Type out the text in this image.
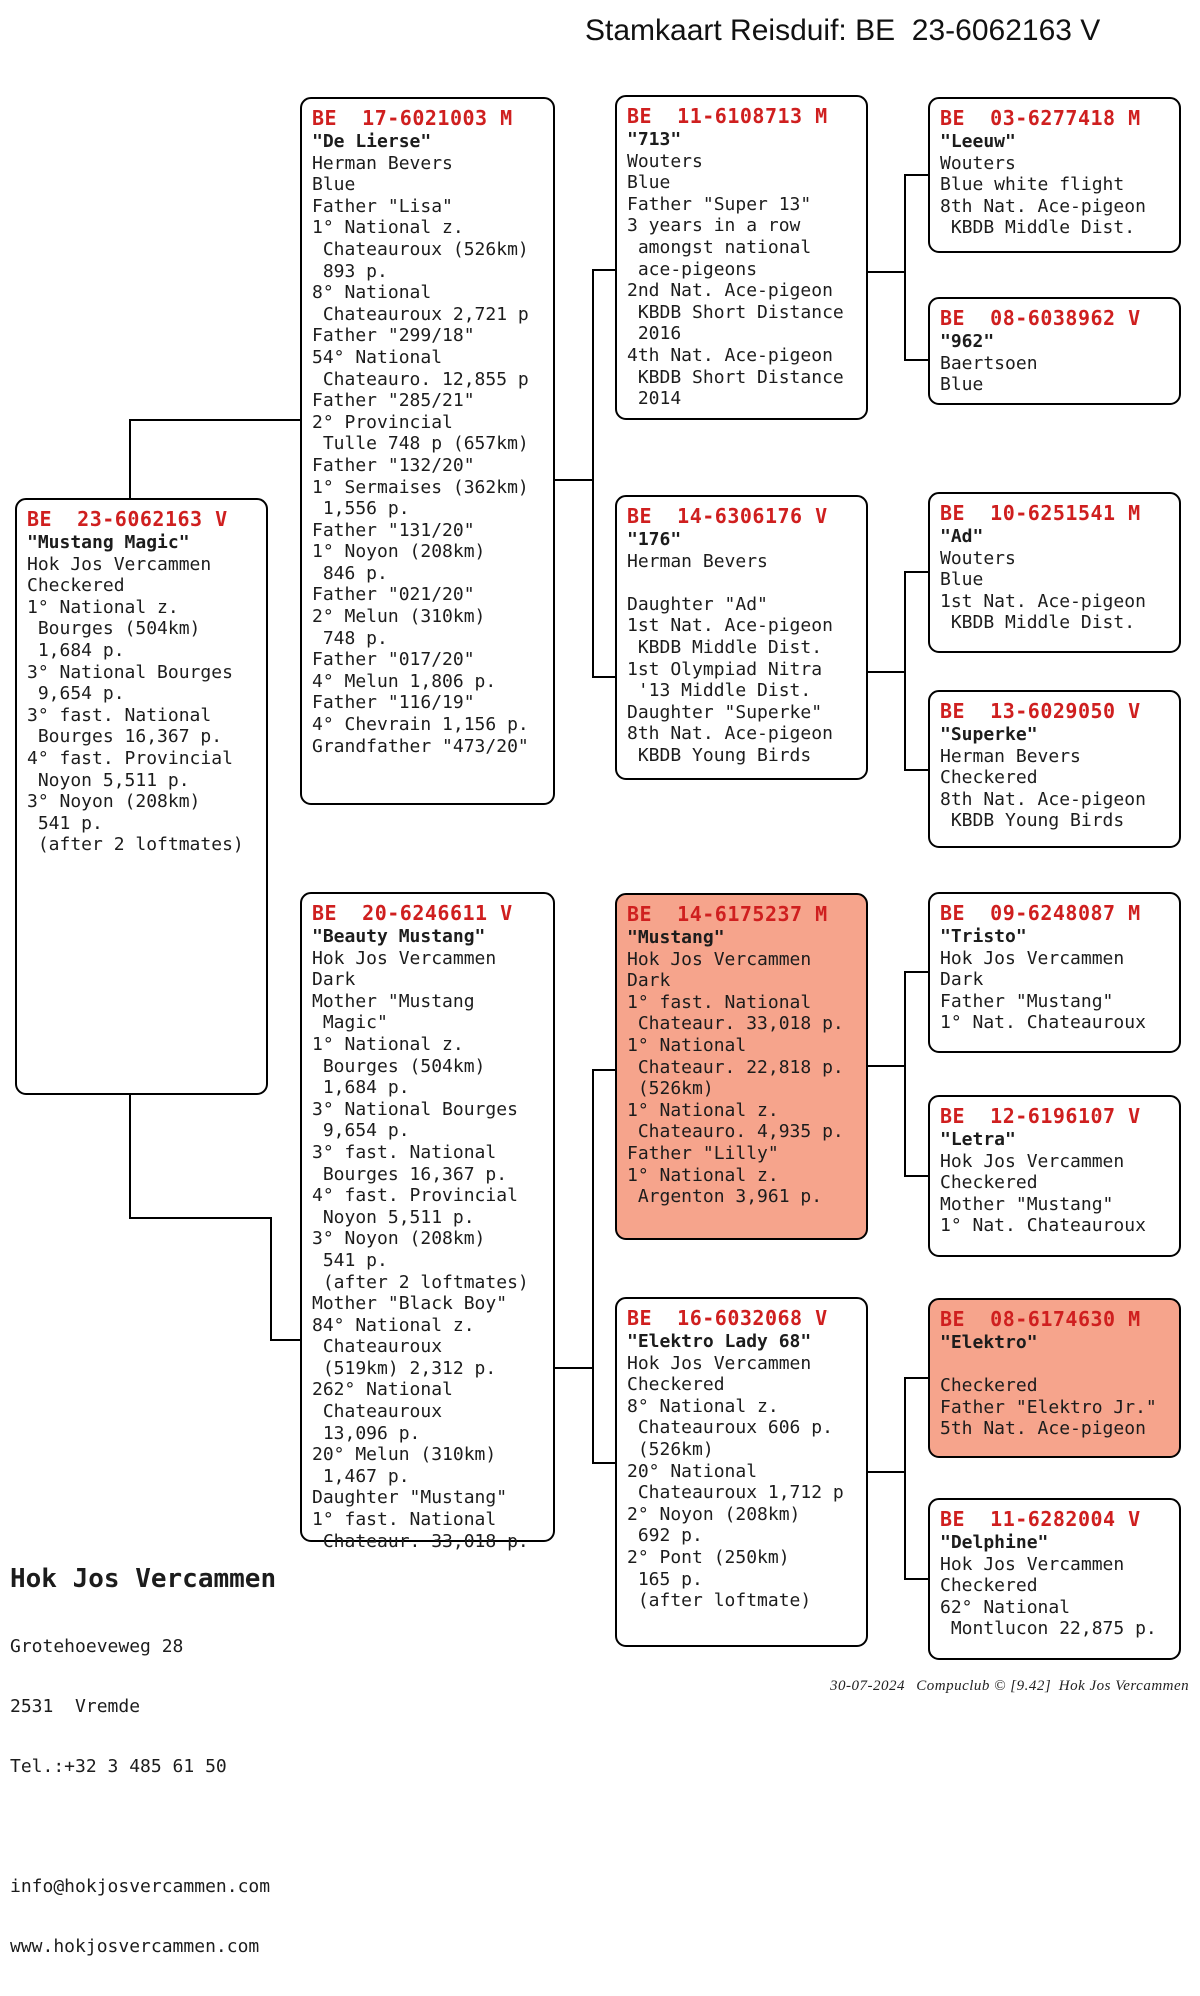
Stamkaart Reisduif: BE  23-6062163 V
BE  23-6062163 V
"Mustang Magic"
Hok Jos Vercammen
Checkered
1° National z.
Bourges (504km)
1,684 p.
3° National Bourges
9,654 p.
3° fast. National
Bourges 16,367 p.
4° fast. Provincial
Noyon 5,511 p.
3° Noyon (208km)
541 p.
(after 2 loftmates)
BE  17-6021003 M
"De Lierse"
Herman Bevers
Blue
Father "Lisa"
1° National z.
Chateauroux (526km)
893 p.
8° National
Chateauroux 2,721 p
Father "299/18"
54° National
Chateauro. 12,855 p
Father "285/21"
2° Provincial
Tulle 748 p (657km)
Father "132/20"
1° Sermaises (362km)
1,556 p.
Father "131/20"
1° Noyon (208km)
846 p.
Father "021/20"
2° Melun (310km)
748 p.
Father "017/20"
4° Melun 1,806 p.
Father "116/19"
4° Chevrain 1,156 p.
Grandfather "473/20"
BE  20-6246611 V
"Beauty Mustang"
Hok Jos Vercammen
Dark
Mother "Mustang
Magic"
1° National z.
Bourges (504km)
1,684 p.
3° National Bourges
9,654 p.
3° fast. National
Bourges 16,367 p.
4° fast. Provincial
Noyon 5,511 p.
3° Noyon (208km)
541 p.
(after 2 loftmates)
Mother "Black Boy"
84° National z.
Chateauroux
(519km) 2,312 p.
262° National
Chateauroux
13,096 p.
20° Melun (310km)
1,467 p.
Daughter "Mustang"
1° fast. National
Chateaur. 33,018 p.
BE  11-6108713 M
"713"
Wouters
Blue
Father "Super 13"
3 years in a row
amongst national
ace-pigeons
2nd Nat. Ace-pigeon
KBDB Short Distance
2016
4th Nat. Ace-pigeon
KBDB Short Distance
2014
BE  14-6306176 V
"176"
Herman Bevers
Daughter "Ad"
1st Nat. Ace-pigeon
KBDB Middle Dist.
1st Olympiad Nitra
'13 Middle Dist.
Daughter "Superke"
8th Nat. Ace-pigeon
KBDB Young Birds
BE  14-6175237 M
"Mustang"
Hok Jos Vercammen
Dark
1° fast. National
Chateaur. 33,018 p.
1° National
Chateaur. 22,818 p.
(526km)
1° National z.
Chateauro. 4,935 p.
Father "Lilly"
1° National z.
Argenton 3,961 p.
BE  16-6032068 V
"Elektro Lady 68"
Hok Jos Vercammen
Checkered
8° National z.
Chateauroux 606 p.
(526km)
20° National
Chateauroux 1,712 p
2° Noyon (208km)
692 p.
2° Pont (250km)
165 p.
(after loftmate)
BE  03-6277418 M
"Leeuw"
Wouters
Blue white flight
8th Nat. Ace-pigeon
KBDB Middle Dist.
BE  08-6038962 V
"962"
Baertsoen
Blue
BE  10-6251541 M
"Ad"
Wouters
Blue
1st Nat. Ace-pigeon
KBDB Middle Dist.
BE  13-6029050 V
"Superke"
Herman Bevers
Checkered
8th Nat. Ace-pigeon
KBDB Young Birds
BE  09-6248087 M
"Tristo"
Hok Jos Vercammen
Dark
Father "Mustang"
1° Nat. Chateauroux
BE  12-6196107 V
"Letra"
Hok Jos Vercammen
Checkered
Mother "Mustang"
1° Nat. Chateauroux
BE  08-6174630 M
"Elektro"
Checkered
Father "Elektro Jr."
5th Nat. Ace-pigeon
BE  11-6282004 V
"Delphine"
Hok Jos Vercammen
Checkered
62° National
Montlucon 22,875 p.

Hok Jos Vercammen

Grotehoeveweg 28

2531  Vremde

Tel.:+32 3 485 61 50

info@hokjosvercammen.com

www.hokjosvercammen.com

30-07-2024 Compuclub © [9.42] Hok Jos Vercammen
